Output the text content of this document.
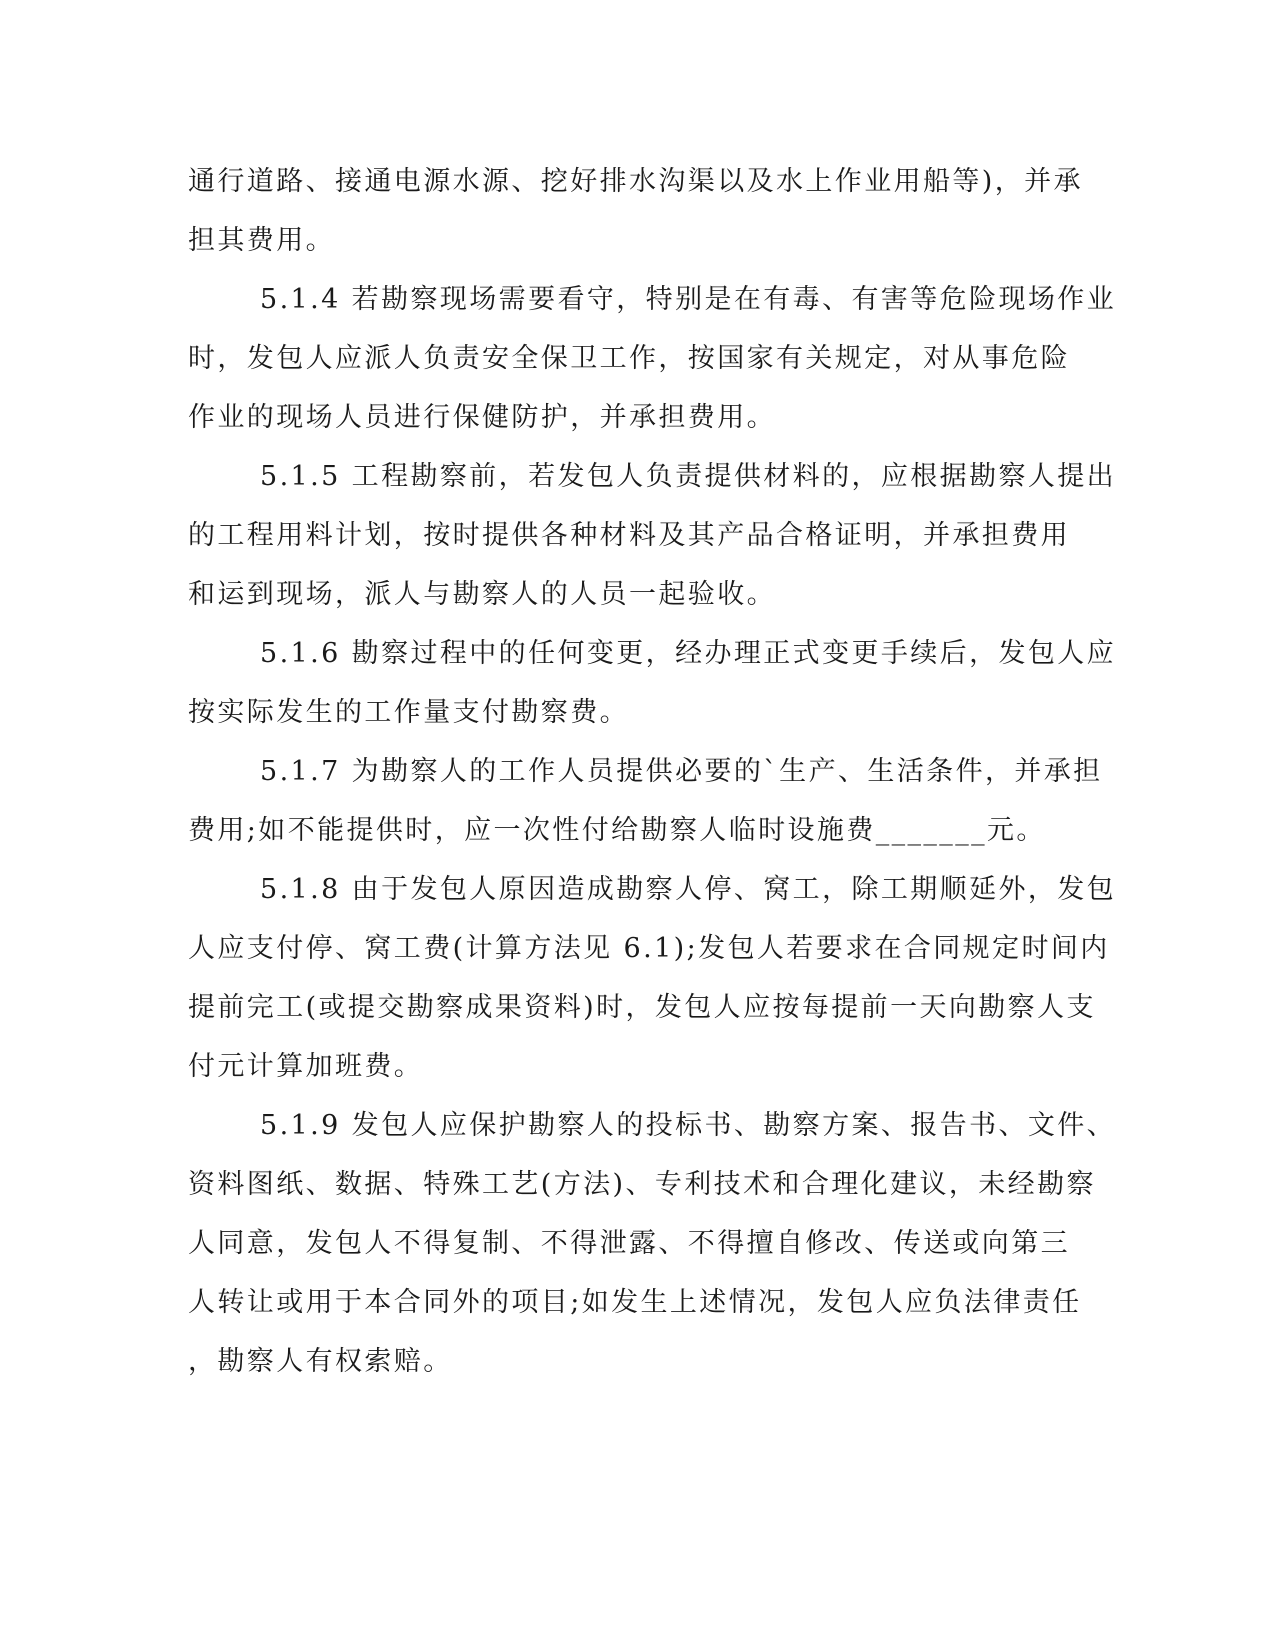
通行道路、接通电源水源、挖好排水沟渠以及水上作业用船等)，并承
担其费用。
5.1.4 若勘察现场需要看守，特别是在有毒、有害等危险现场作业
时，发包人应派人负责安全保卫工作，按国家有关规定，对从事危险
作业的现场人员进行保健防护，并承担费用。
5.1.5 工程勘察前，若发包人负责提供材料的，应根据勘察人提出
的工程用料计划，按时提供各种材料及其产品合格证明，并承担费用
和运到现场，派人与勘察人的人员一起验收。
5.1.6 勘察过程中的任何变更，经办理正式变更手续后，发包人应
按实际发生的工作量支付勘察费。
5.1.7 为勘察人的工作人员提供必要的`生产、生活条件，并承担
费用;如不能提供时，应一次性付给勘察人临时设施费_______元。
5.1.8 由于发包人原因造成勘察人停、窝工，除工期顺延外，发包
人应支付停、窝工费(计算方法见 6.1);发包人若要求在合同规定时间内
提前完工(或提交勘察成果资料)时，发包人应按每提前一天向勘察人支
付元计算加班费。
5.1.9 发包人应保护勘察人的投标书、勘察方案、报告书、文件、
资料图纸、数据、特殊工艺(方法)、专利技术和合理化建议，未经勘察
人同意，发包人不得复制、不得泄露、不得擅自修改、传送或向第三
人转让或用于本合同外的项目;如发生上述情况，发包人应负法律责任
，勘察人有权索赔。
